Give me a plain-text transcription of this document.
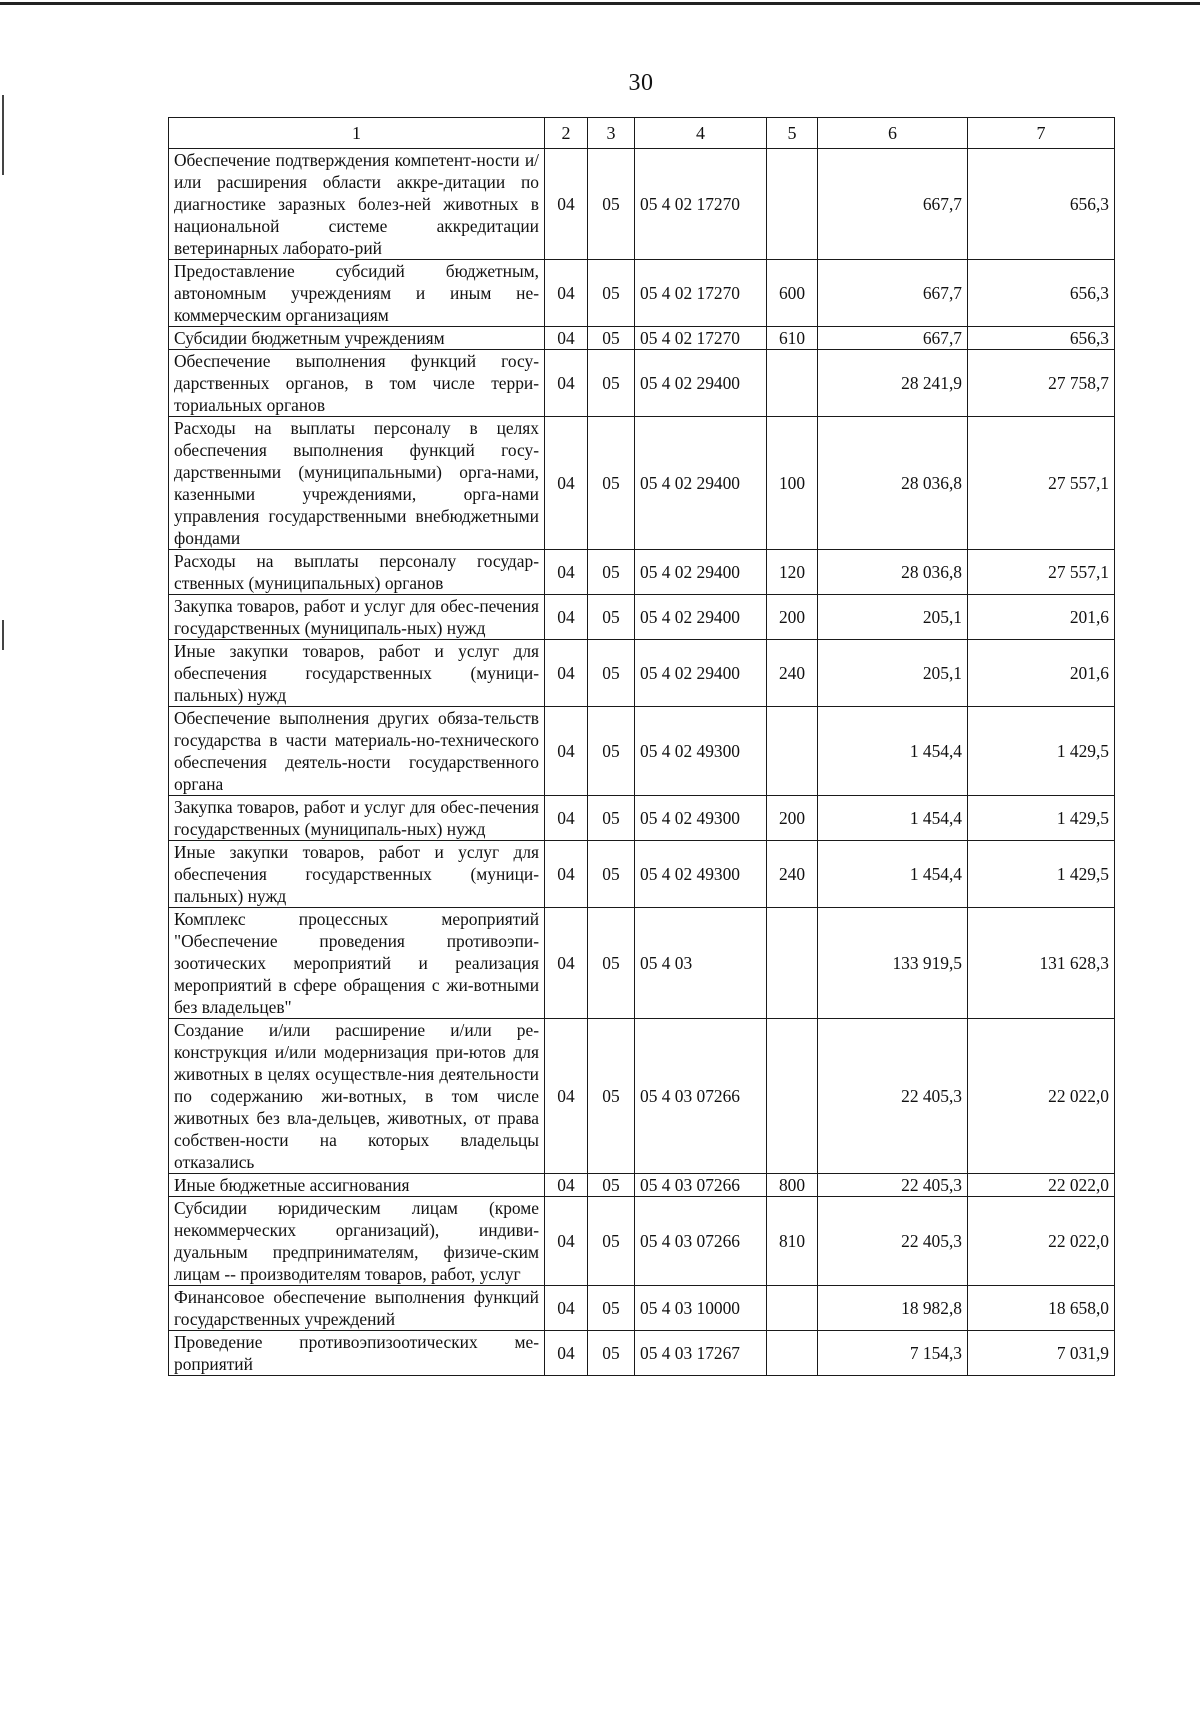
30
1	2	3	4	5	6	7
Обеспечение подтверждения компетент-ности и/или расширения области аккре-дитации по диагностике заразных болез-ней животных в национальной системе аккредитации ветеринарных лаборато-рий	04	05	05 4 02 17270		667,7	656,3
Предоставление субсидий бюджетным, автономным учреждениям и иным не-коммерческим организациям	04	05	05 4 02 17270	600	667,7	656,3
Субсидии бюджетным учреждениям	04	05	05 4 02 17270	610	667,7	656,3
Обеспечение выполнения функций госу-дарственных органов, в том числе терри-ториальных органов	04	05	05 4 02 29400		28 241,9	27 758,7
Расходы на выплаты персоналу в целях обеспечения выполнения функций госу-дарственными (муниципальными) орга-нами, казенными учреждениями, орга-нами управления государственными внебюджетными фондами	04	05	05 4 02 29400	100	28 036,8	27 557,1
Расходы на выплаты персоналу государ-ственных (муниципальных) органов	04	05	05 4 02 29400	120	28 036,8	27 557,1
Закупка товаров, работ и услуг для обес-печения государственных (муниципаль-ных) нужд	04	05	05 4 02 29400	200	205,1	201,6
Иные закупки товаров, работ и услуг для обеспечения государственных (муници-пальных) нужд	04	05	05 4 02 29400	240	205,1	201,6
Обеспечение выполнения других обяза-тельств государства в части материаль-но-технического обеспечения деятель-ности государственного органа	04	05	05 4 02 49300		1 454,4	1 429,5
Закупка товаров, работ и услуг для обес-печения государственных (муниципаль-ных) нужд	04	05	05 4 02 49300	200	1 454,4	1 429,5
Иные закупки товаров, работ и услуг для обеспечения государственных (муници-пальных) нужд	04	05	05 4 02 49300	240	1 454,4	1 429,5
Комплекс процессных мероприятий "Обеспечение проведения противоэпи-зоотических мероприятий и реализация мероприятий в сфере обращения с жи-вотными без владельцев"	04	05	05 4 03		133 919,5	131 628,3
Создание и/или расширение и/или ре-конструкция и/или модернизация при-ютов для животных в целях осуществле-ния деятельности по содержанию жи-вотных, в том числе животных без вла-дельцев, животных, от права собствен-ности на которых владельцы отказались	04	05	05 4 03 07266		22 405,3	22 022,0
Иные бюджетные ассигнования	04	05	05 4 03 07266	800	22 405,3	22 022,0
Субсидии юридическим лицам (кроме некоммерческих организаций), индиви-дуальным предпринимателям, физиче-ским лицам -- производителям товаров, работ, услуг	04	05	05 4 03 07266	810	22 405,3	22 022,0
Финансовое обеспечение выполнения функций государственных учреждений	04	05	05 4 03 10000		18 982,8	18 658,0
Проведение противоэпизоотических ме-роприятий	04	05	05 4 03 17267		7 154,3	7 031,9
